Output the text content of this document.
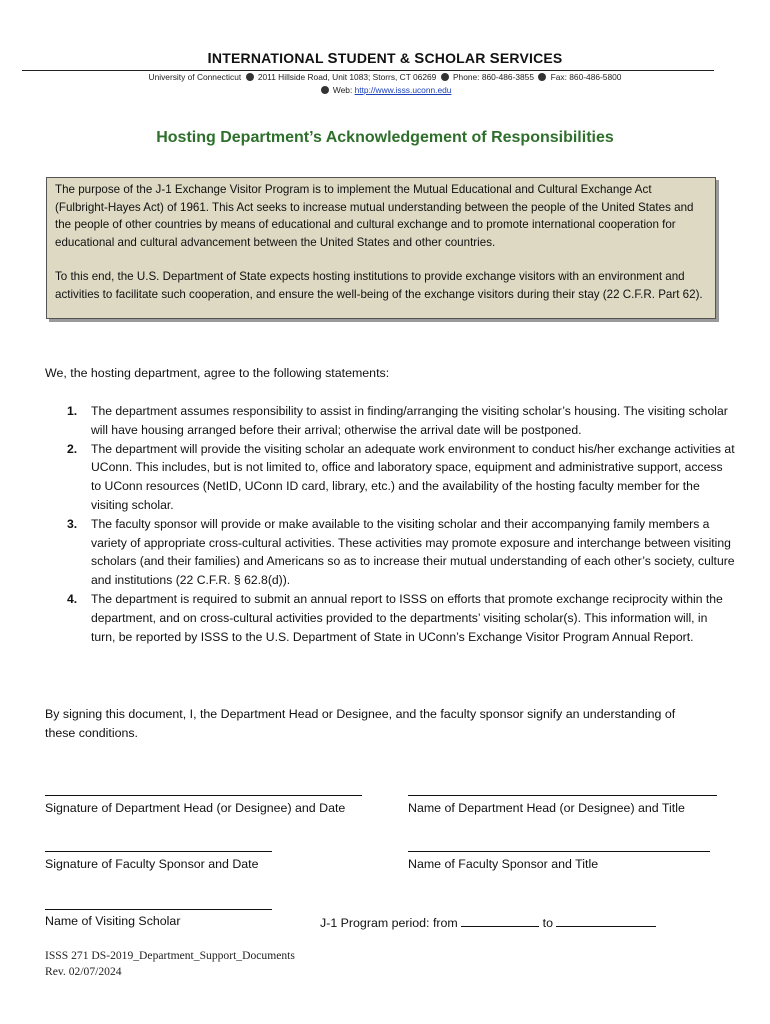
INTERNATIONAL STUDENT & SCHOLAR SERVICES
University of Connecticut 2011 Hillside Road, Unit 1083; Storrs, CT 06269 Phone: 860-486-3855 Fax: 860-486-5800
Web: http://www.isss.uconn.edu
Hosting Department’s Acknowledgement of Responsibilities

The purpose of the J-1 Exchange Visitor Program is to implement the Mutual Educational and Cultural Exchange Act (Fulbright-Hayes Act) of 1961. This Act seeks to increase mutual understanding between the people of the United States and the people of other countries by means of educational and cultural exchange and to promote international cooperation for educational and cultural advancement between the United States and other countries.

To this end, the U.S. Department of State expects hosting institutions to provide exchange visitors with an environment and activities to facilitate such cooperation, and ensure the well-being of the exchange visitors during their stay (22 C.F.R. Part 62).

We, the hosting department, agree to the following statements:
1. The department assumes responsibility to assist in finding/arranging the visiting scholar’s housing. The visiting scholar will have housing arranged before their arrival; otherwise the arrival date will be postponed.
2. The department will provide the visiting scholar an adequate work environment to conduct his/her exchange activities at UConn. This includes, but is not limited to, office and laboratory space, equipment and administrative support, access to UConn resources (NetID, UConn ID card, library, etc.) and the availability of the hosting faculty member for the visiting scholar.
3. The faculty sponsor will provide or make available to the visiting scholar and their accompanying family members a variety of appropriate cross-cultural activities. These activities may promote exposure and interchange between visiting scholars (and their families) and Americans so as to increase their mutual understanding of each other’s society, culture and institutions (22 C.F.R. § 62.8(d)).
4. The department is required to submit an annual report to ISSS on efforts that promote exchange reciprocity within the department, and on cross-cultural activities provided to the departments’ visiting scholar(s). This information will, in turn, be reported by ISSS to the U.S. Department of State in UConn’s Exchange Visitor Program Annual Report.
By signing this document, I, the Department Head or Designee, and the faculty sponsor signify an understanding of these conditions.
Signature of Department Head (or Designee) and Date	Name of Department Head (or Designee) and Title
Signature of Faculty Sponsor and Date	Name of Faculty Sponsor and Title
Name of Visiting Scholar	J-1 Program period: from	to
ISSS 271 DS-2019_Department_Support_Documents
Rev. 02/07/2024
